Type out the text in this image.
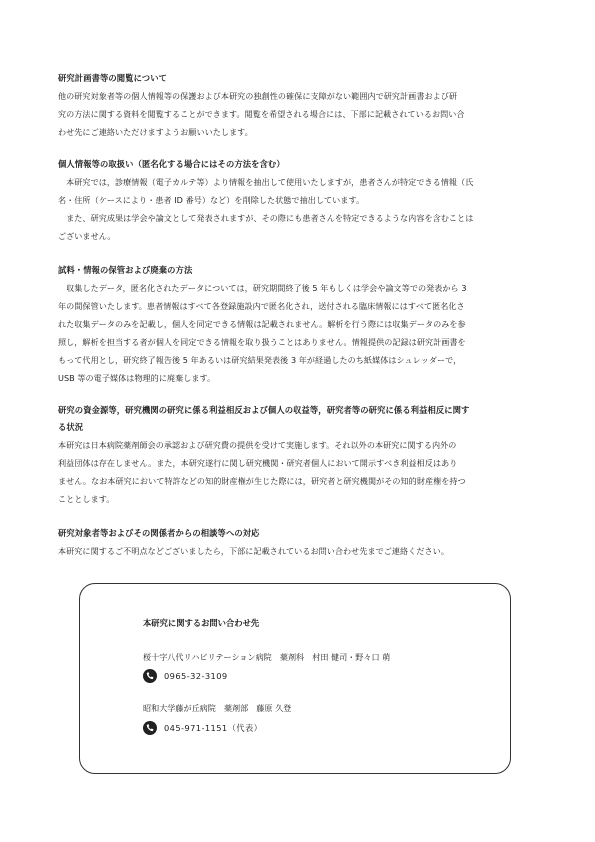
研究計画書等の閲覧について
他の研究対象者等の個人情報等の保護および本研究の独創性の確保に支障がない範囲内で研究計画書および研
究の方法に関する資料を閲覧することができます。閲覧を希望される場合には、下部に記載されているお問い合
わせ先にご連絡いただけますようお願いいたします。
個人情報等の取扱い（匿名化する場合にはその方法を含む）
　本研究では，診療情報（電子カルテ等）より情報を抽出して使用いたしますが，患者さんが特定できる情報（氏
名・住所（ケースにより・患者 ID 番号）など）を削除した状態で抽出しています。
　また、研究成果は学会や論文として発表されますが、その際にも患者さんを特定できるような内容を含むことは
ございません。
試料・情報の保管および廃棄の方法
　収集したデータ，匿名化されたデータについては，研究期間終了後 5 年もしくは学会や論文等での発表から 3
年の間保管いたします。患者情報はすべて各登録施設内で匿名化され，送付される臨床情報にはすべて匿名化さ
れた収集データのみを記載し，個人を同定できる情報は記載されません。解析を行う際には収集データのみを参
照し，解析を担当する者が個人を同定できる情報を取り扱うことはありません。情報提供の記録は研究計画書を
もって代用とし，研究終了報告後 5 年あるいは研究結果発表後 3 年が経過したのち紙媒体はシュレッダーで，
USB 等の電子媒体は物理的に廃棄します。
研究の資金源等，研究機関の研究に係る利益相反および個人の収益等，研究者等の研究に係る利益相反に関す
る状況
本研究は日本病院薬剤師会の承認および研究費の提供を受けて実施します。それ以外の本研究に関する内外の
利益団体は存在しません。また，本研究遂行に関し研究機関・研究者個人において開示すべき利益相反はあり
ません。なお本研究において特許などの知的財産権が生じた際には，研究者と研究機関がその知的財産権を持つ
こととします。
研究対象者等およびその関係者からの相談等への対応
本研究に関するご不明点などございましたら，下部に記載されているお問い合わせ先までご連絡ください。
本研究に関するお問い合わせ先
桜十字八代リハビリテーション病院　薬剤科　村田 健司・野々口 萌
0965-32-3109
昭和大学藤が丘病院　薬剤部　藤原 久登
045-971-1151（代表）
